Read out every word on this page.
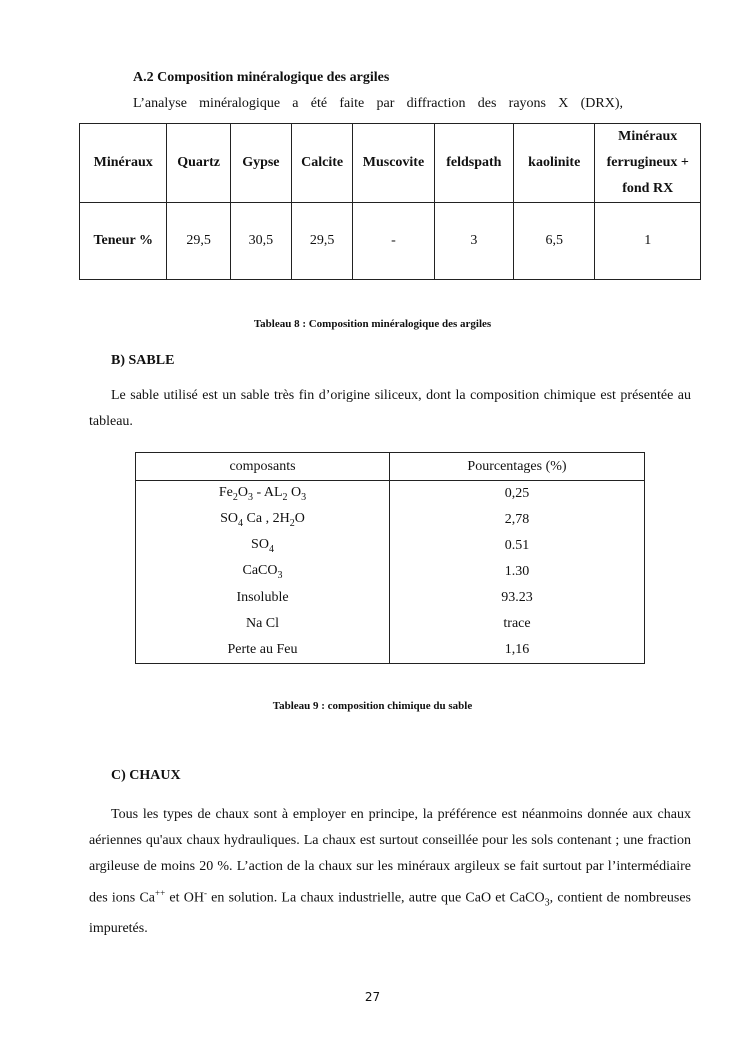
A.2 Composition minéralogique des argiles
L’analyse minéralogique a été faite par diffraction des rayons X (DRX),
Minéraux	Quartz	Gypse	Calcite	Muscovite	feldspath	kaolinite	Minéraux ferrugineux + fond RX
Teneur %	29,5	30,5	29,5	-	3	6,5	1
Tableau 8 : Composition minéralogique des argiles
B) SABLE
Le sable utilisé est un sable très fin d’origine siliceux, dont la composition chimique est présentée au tableau.
composants	Pourcentages (%)
$Fe_2O_3 - AL_2$ $O_3$	0,25
$SO_4$ Ca , $2H_2O$	2,78
$SO_4$	0.51
CaCO$_3$	1.30
Insoluble	93.23
Na Cl	trace
Perte au Feu	1,16
Tableau 9 : composition chimique du sable
C) CHAUX
Tous les types de chaux sont à employer en principe, la préférence est néanmoins donnée aux chaux aériennes qu'aux chaux hydrauliques. La chaux est surtout conseillée pour les sols contenant ; une fraction argileuse de moins 20 %. L’action de la chaux sur les minéraux argileux se fait surtout par l’intermédiaire des ions Ca++ et OH- en solution. La chaux industrielle, autre que CaO et CaCO$_3$, contient de nombreuses impuretés.
27
